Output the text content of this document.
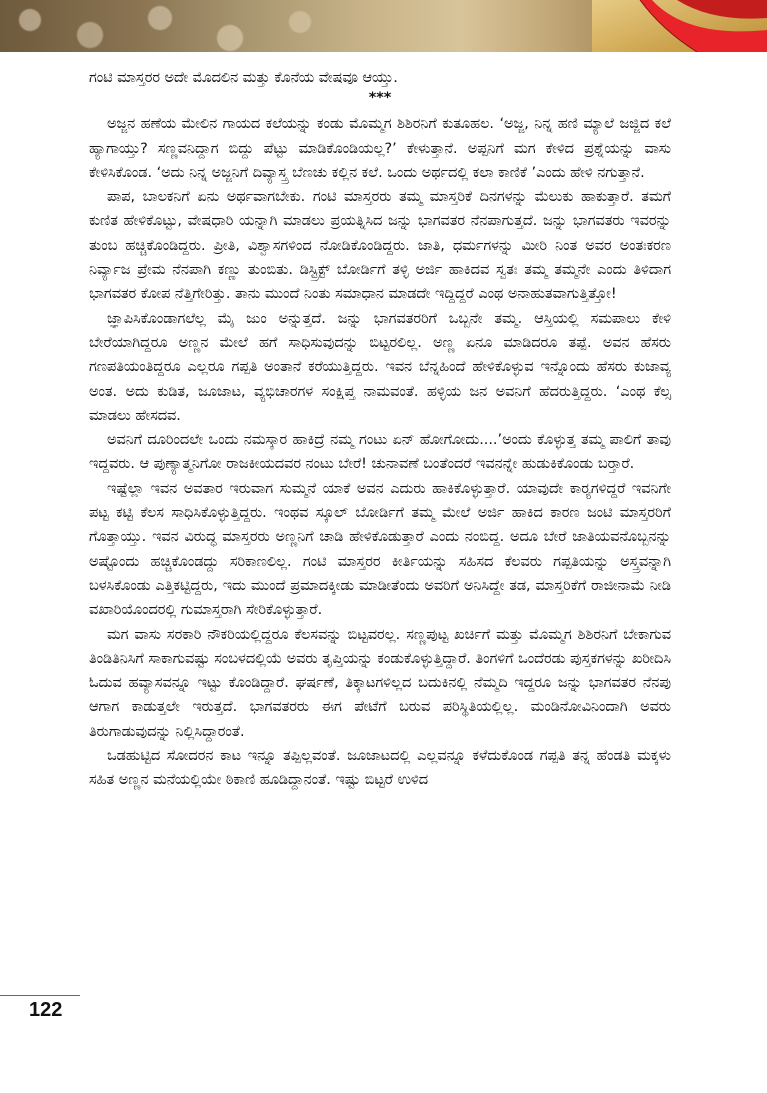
ಗಂಟಿ ಮಾಸ್ತರರ ಅದೇ ಮೊದಲಿನ ಮತ್ತು ಕೊನೆಯ ವೇಷವೂ ಆಯ್ತು.

***

ಅಜ್ಜನ ಹಣೆಯ ಮೇಲಿನ ಗಾಯದ ಕಲೆಯನ್ನು ಕಂಡು ಮೊಮ್ಮಗ ಶಿಶಿರನಿಗೆ ಕುತೂಹಲ. ‘ಅಜ್ಜ, ನಿನ್ನ ಹಣಿ ಮ್ಯಾಲೆ ಜಜ್ಜಿದ ಕಲೆ ಹ್ಯಾಗಾಯ್ತು? ಸಣ್ಣವನಿದ್ದಾಗ ಬಿದ್ದು ಪೆಟ್ಟು ಮಾಡಿಕೊಂಡಿಯಲ್ಲ?’ ಕೇಳುತ್ತಾನೆ. ಅಪ್ಪನಿಗೆ ಮಗ ಕೇಳಿದ ಪ್ರಶ್ನೆಯನ್ನು ವಾಸು ಕೇಳಿಸಿಕೊಂಡ. ‘ಅದು ನಿನ್ನ ಅಜ್ಜನಿಗೆ ದಿವ್ಯಾಸ್ತ್ರ ಬೆಣಚು ಕಲ್ಲಿನ ಕಲೆ. ಒಂದು ಅರ್ಥದಲ್ಲಿ ಕಲಾ ಕಾಣಿಕೆ ’ಎಂದು ಹೇಳಿ ನಗುತ್ತಾನೆ.

ಪಾಪ, ಬಾಲಕನಿಗೆ ಏನು ಅರ್ಥವಾಗಬೇಕು. ಗಂಟಿ ಮಾಸ್ತರರು ತಮ್ಮ ಮಾಸ್ತರಿಕೆ ದಿನಗಳನ್ನು ಮೆಲುಕು ಹಾಕುತ್ತಾರೆ. ತಮಗೆ ಕುಣಿತ ಹೇಳಿಕೊಟ್ಟು, ವೇಷಧಾರಿ ಯನ್ನಾಗಿ ಮಾಡಲು ಪ್ರಯತ್ನಿಸಿದ ಜನ್ನು ಭಾಗವತರ ನೆನಪಾಗುತ್ತದೆ. ಜನ್ನು ಭಾಗವತರು ಇವರನ್ನು ತುಂಬ ಹಚ್ಚಿಕೊಂಡಿದ್ದರು. ಪ್ರೀತಿ, ವಿಶ್ವಾಸಗಳಿಂದ ನೋಡಿಕೊಂಡಿದ್ದರು. ಜಾತಿ, ಧರ್ಮಗಳನ್ನು ಮೀರಿ ನಿಂತ ಅವರ ಅಂತಃಕರಣ ನಿರ್ವ್ಯಾಜ ಪ್ರೇಮ ನೆನಪಾಗಿ ಕಣ್ಣು ತುಂಬಿತು. ಡಿಸ್ಟ್ರಿಕ್ಟ್ ಬೋರ್ಡಿಗೆ ತಳ್ಳಿ ಅರ್ಜಿ ಹಾಕಿದವ ಸ್ವತಃ ತಮ್ಮ ತಮ್ಮನೇ ಎಂದು ತಿಳಿದಾಗ ಭಾಗವತರ ಕೋಪ ನೆತ್ತಿಗೇರಿತ್ತು. ತಾನು ಮುಂದೆ ನಿಂತು ಸಮಾಧಾನ ಮಾಡದೇ ಇದ್ದಿದ್ದರೆ ಎಂಥ ಅನಾಹುತವಾಗುತ್ತಿತ್ತೋ!

ಜ್ಞಾಪಿಸಿಕೊಂಡಾಗಲೆಲ್ಲ ಮೈ ಜುಂ ಅನ್ನುತ್ತದೆ. ಜನ್ನು ಭಾಗವತರರಿಗೆ ಒಬ್ಬನೇ ತಮ್ಮ. ಆಸ್ತಿಯಲ್ಲಿ ಸಮಪಾಲು ಕೇಳಿ ಬೇರೆಯಾಗಿದ್ದರೂ ಅಣ್ಣನ ಮೇಲೆ ಹಗೆ ಸಾಧಿಸುವುದನ್ನು ಬಿಟ್ಟರಲಿಲ್ಲ. ಅಣ್ಣ ಏನೂ ಮಾಡಿದರೂ ತಪ್ಪೆ. ಅವನ ಹೆಸರು ಗಣಪತಿಯಂತಿದ್ದರೂ ಎಲ್ಲರೂ ಗಪ್ಪತಿ ಅಂತಾನೆ ಕರೆಯುತ್ತಿದ್ದರು. ಇವನ ಬೆನ್ನಹಿಂದೆ ಹೇಳಿಕೊಳ್ಳುವ ಇನ್ನೊಂದು ಹೆಸರು ಕುಜಾವ್ಯ ಅಂತ. ಅದು ಕುಡಿತ, ಜೂಜಾಟ, ವ್ಯಭಿಚಾರಗಳ ಸಂಕ್ಷಿಪ್ತ ನಾಮವಂತೆ. ಹಳ್ಳಿಯ ಜನ ಅವನಿಗೆ ಹೆದರುತ್ತಿದ್ದರು. ‘ಎಂಥ ಕೆಲ್ಸ ಮಾಡಲು ಹೇಸದವ.

ಅವನಿಗೆ ದೂರಿಂದಲೇ ಒಂದು ನಮಸ್ಕಾರ ಹಾಕಿದ್ರೆ ನಮ್ಮ ಗಂಟು ಏನ್ ಹೋಗೋದು....’ಅಂದು ಕೊಳ್ಳುತ್ತ ತಮ್ಮ ಪಾಲಿಗೆ ತಾವು ಇದ್ದವರು. ಆ ಪುಣ್ಯಾತ್ಮನಿಗೋ ರಾಜಕೀಯದವರ ನಂಟು ಬೇರೆ! ಚುನಾವಣೆ ಬಂತೆಂದರೆ ಇವನನ್ನೇ ಹುಡುಕಿಕೊಂಡು ಬರ್‍ತಾರೆ.

ಇಷ್ಟೆಲ್ಲಾ ಇವನ ಅವತಾರ ಇರುವಾಗ ಸುಮ್ಮನೆ ಯಾಕೆ ಅವನ ಎದುರು ಹಾಕಿಕೊಳ್ಳುತ್ತಾರೆ. ಯಾವುದೇ ಕಾರ್‍ಯಗಳಿದ್ದರೆ ಇವನಿಗೇ ಪಟ್ಟ ಕಟ್ಟಿ ಕೆಲಸ ಸಾಧಿಸಿಕೊಳ್ಳುತ್ತಿದ್ದರು. ಇಂಥವ ಸ್ಕೂಲ್ ಬೋರ್ಡಿಗೆ ತಮ್ಮ ಮೇಲೆ ಅರ್ಜಿ ಹಾಕಿದ ಕಾರಣ ಜಂಟಿ ಮಾಸ್ತರರಿಗೆ ಗೊತ್ತಾಯ್ತು. ಇವನ ವಿರುದ್ಧ ಮಾಸ್ತರರು ಅಣ್ಣನಿಗೆ ಚಾಡಿ ಹೇಳಿಕೊಡುತ್ತಾರೆ ಎಂದು ನಂಬಿದ್ದ. ಅದೂ ಬೇರೆ ಜಾತಿಯವನೊಬ್ಬನನ್ನು ಅಷ್ಟೊಂದು ಹಚ್ಚಿಕೊಂಡದ್ದು ಸರಿಕಾಣಲಿಲ್ಲ. ಗಂಟಿ ಮಾಸ್ತರರ ಕೀರ್ತಿಯನ್ನು ಸಹಿಸದ ಕೆಲವರು ಗಪ್ಪತಿಯನ್ನು ಅಸ್ತ್ರವನ್ನಾಗಿ ಬಳಸಿಕೊಂಡು ಎತ್ತಿಕಟ್ಟಿದ್ದರು, ಇದು ಮುಂದೆ ಪ್ರಮಾದಕ್ಕೀಡು ಮಾಡೀತೆಂದು ಅವರಿಗೆ ಅನಿಸಿದ್ದೇ ತಡ, ಮಾಸ್ತರಿಕೆಗೆ ರಾಜೀನಾಮೆ ನೀಡಿ ವಖಾರಿಯೊಂದರಲ್ಲಿ ಗುಮಾಸ್ತರಾಗಿ ಸೇರಿಕೊಳ್ಳುತ್ತಾರೆ.

ಮಗ ವಾಸು ಸರಕಾರಿ ನೌಕರಿಯಲ್ಲಿದ್ದರೂ ಕೆಲಸವನ್ನು ಬಿಟ್ಟವರಲ್ಲ. ಸಣ್ಣಪುಟ್ಟ ಖರ್ಚಿಗೆ ಮತ್ತು ಮೊಮ್ಮಗ ಶಿಶಿರನಿಗೆ ಬೇಕಾಗುವ ತಿಂಡಿತಿನಿಸಿಗೆ ಸಾಕಾಗುವಷ್ಟು ಸಂಬಳದಲ್ಲಿಯೆ ಅವರು ತೃಪ್ತಿಯನ್ನು ಕಂಡುಕೊಳ್ಳುತ್ತಿದ್ದಾರೆ. ತಿಂಗಳಿಗೆ ಒಂದೆರಡು ಪುಸ್ತಕಗಳನ್ನು ಖರೀದಿಸಿ ಓದುವ ಹವ್ಯಾಸವನ್ನೂ ಇಟ್ಟು ಕೊಂಡಿದ್ದಾರೆ. ಘರ್ಷಣೆ, ತಿಕ್ಕಾಟಗಳಿಲ್ಲದ ಬದುಕಿನಲ್ಲಿ ನೆಮ್ಮದಿ ಇದ್ದರೂ ಜನ್ನು ಭಾಗವತರ ನೆನಪು ಆಗಾಗ ಕಾಡುತ್ತಲೇ ಇರುತ್ತದೆ. ಭಾಗವತರರು ಈಗ ಪೇಟೆಗೆ ಬರುವ ಪರಿಸ್ಥಿತಿಯಲ್ಲಿಲ್ಲ. ಮಂಡಿನೋವಿನಿಂದಾಗಿ ಅವರು ತಿರುಗಾಡುವುದನ್ನು ನಿಲ್ಲಿಸಿದ್ದಾರಂತೆ.

ಒಡಹುಟ್ಟಿದ ಸೋದರನ ಕಾಟ ಇನ್ನೂ ತಪ್ಪಿಲ್ಲವಂತೆ. ಜೂಜಾಟದಲ್ಲಿ ಎಲ್ಲವನ್ನೂ ಕಳೆದುಕೊಂಡ ಗಪ್ಪತಿ ತನ್ನ ಹೆಂಡತಿ ಮಕ್ಕಳು ಸಹಿತ ಅಣ್ಣನ ಮನೆಯಲ್ಲಿಯೇ ಠಿಕಾಣಿ ಹೂಡಿದ್ದಾನಂತೆ. ಇಷ್ಟು ಬಿಟ್ಟರೆ ಉಳಿದ

122
